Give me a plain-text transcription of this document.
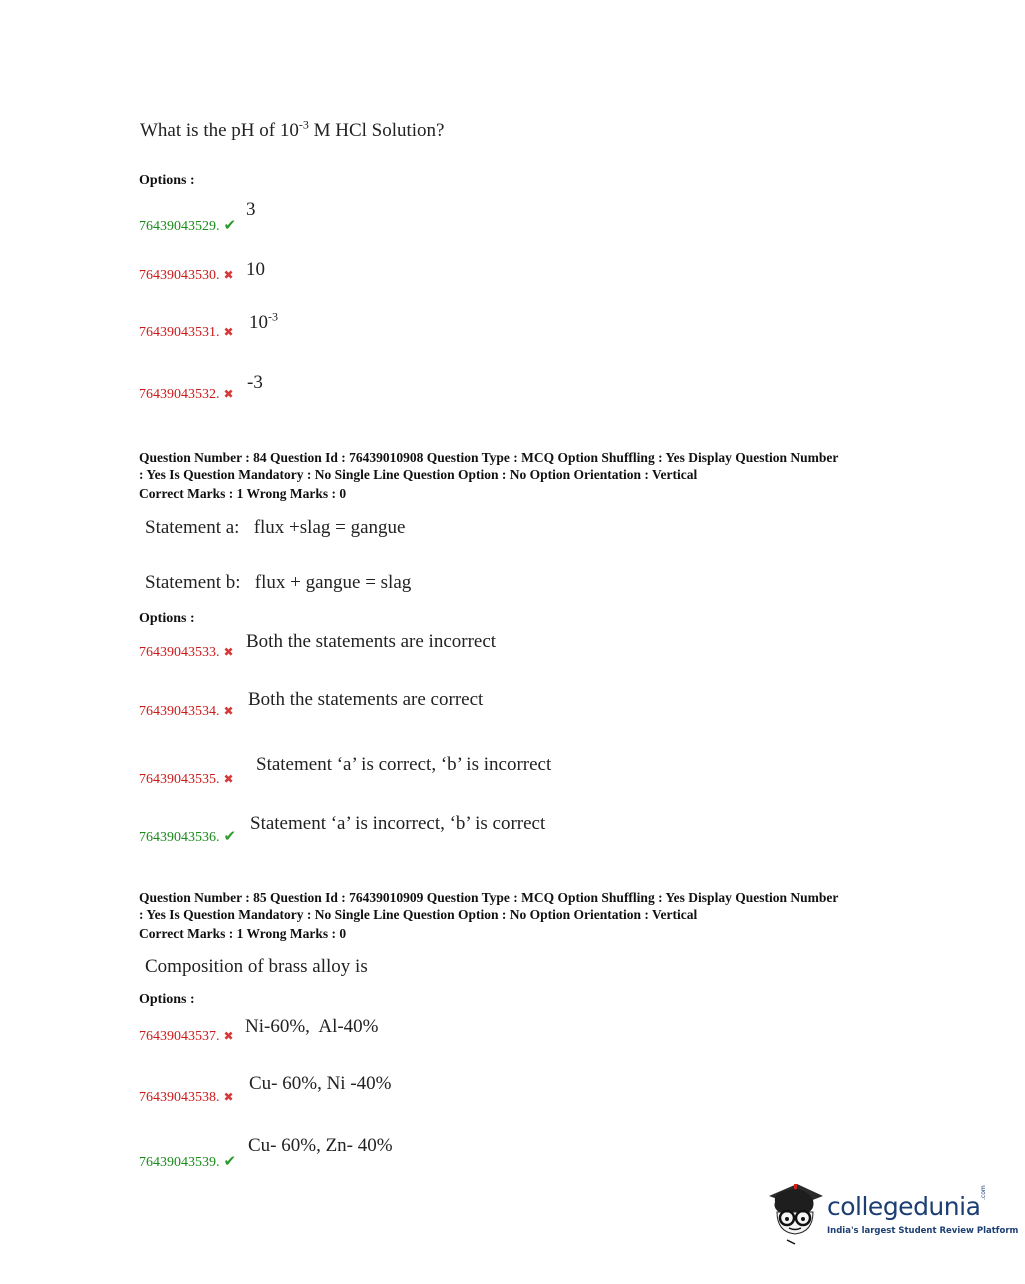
What is the pH of $10^{-3}$ M HCl Solution?
Options :
76439043529. ✔
3
76439043530. ✖ 10
76439043531. ✖ $10^{-3}$
76439043532. ✖
-3
Question Number : 84 Question Id : 76439010908 Question Type : MCQ Option Shuffling : Yes Display Question Number
: Yes Is Question Mandatory : No Single Line Question Option : No Option Orientation : Vertical
Correct Marks : 1 Wrong Marks : 0
Statement a:   flux +slag = gangue
Statement b:   flux + gangue = slag
Options :
76439043533. ✖ Both the statements are incorrect
76439043534. ✖
Both the statements are correct
76439043535. ✖
Statement ‘a’ is correct, ‘b’ is incorrect
76439043536. ✔
Statement ‘a’ is incorrect, ‘b’ is correct
Question Number : 85 Question Id : 76439010909 Question Type : MCQ Option Shuffling : Yes Display Question Number
: Yes Is Question Mandatory : No Single Line Question Option : No Option Orientation : Vertical
Correct Marks : 1 Wrong Marks : 0
Composition of brass alloy is
Options :
76439043537. ✖ Ni-60%,  Al-40%
76439043538. ✖
Cu- 60%, Ni -40%
76439043539. ✔
Cu- 60%, Zn- 40%
collegedunia .com
India's largest Student Review Platform
